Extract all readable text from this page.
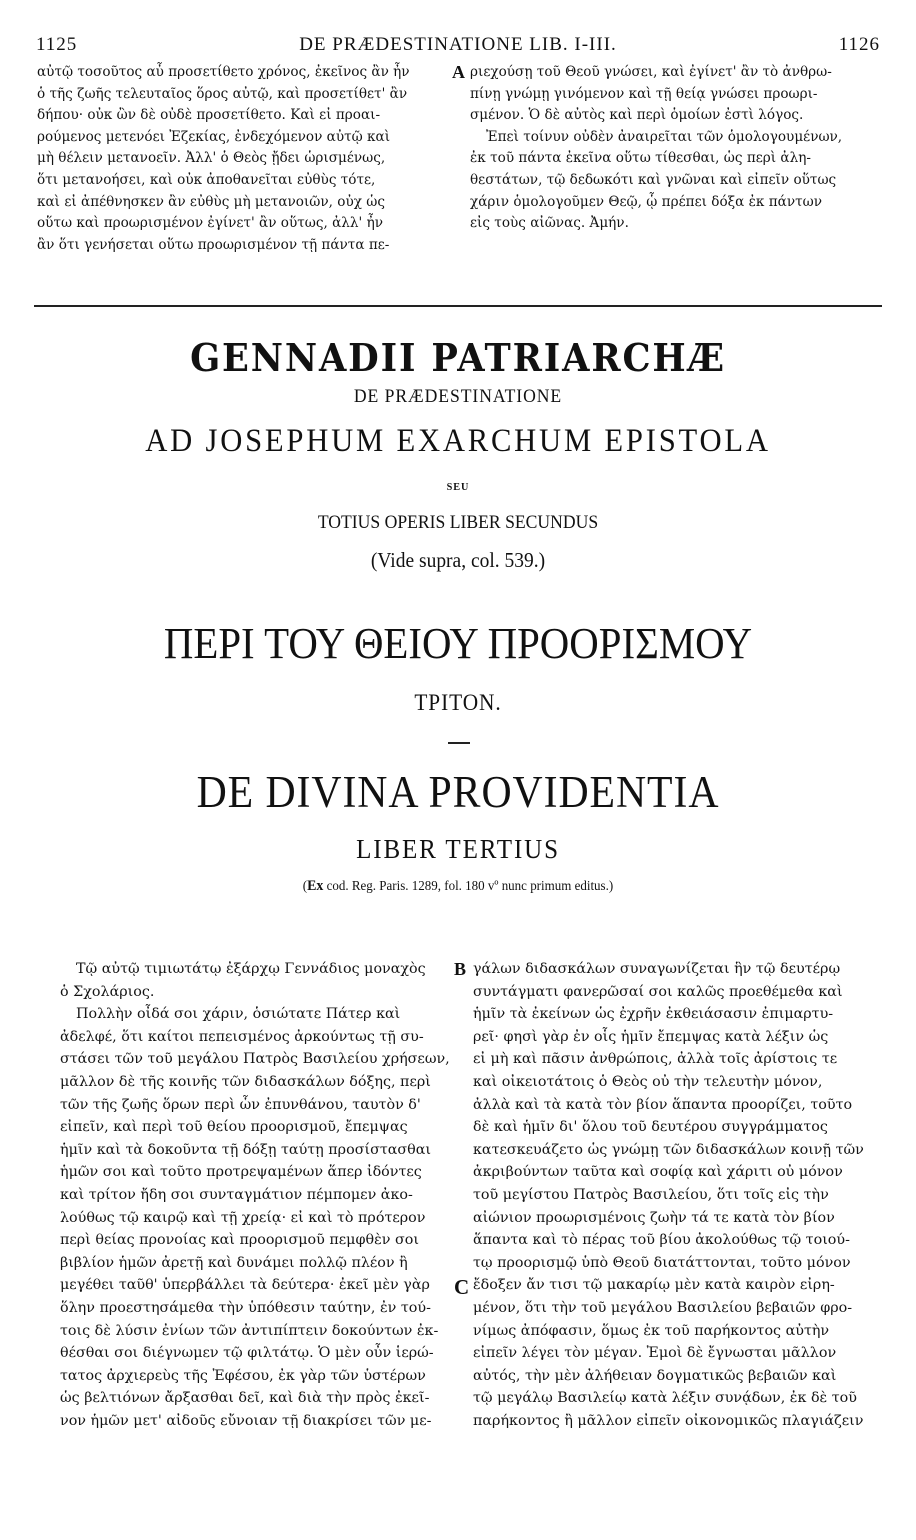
1125	DE PRÆDESTINATIONE LIB. I-III.	1126

αὐτῷ τοσοῦτος αὖ προσετίθετο χρόνος, ἐκεῖνος ἂν ἦν

ὁ τῆς ζωῆς τελευταῖος ὅρος αὐτῷ, καὶ προσετίθετ' ἂν

δήπου· οὐκ ὢν δὲ οὐδὲ προσετίθετο. Καὶ εἰ προαι-

ρούμενος μετενόει Ἐζεκίας, ἐνδεχόμενον αὐτῷ καὶ

μὴ θέλειν μετανοεῖν. Ἀλλ' ὁ Θεὸς ᾔδει ὡρισμένως,

ὅτι μετανοήσει, καὶ οὐκ ἀποθανεῖται εὐθὺς τότε,

καὶ εἰ ἀπέθνησκεν ἂν εὐθὺς μὴ μετανοιῶν, οὐχ ὡς

οὕτω καὶ προωρισμένον ἐγίνετ' ἂν οὕτως, ἀλλ' ἦν

ἂν ὅτι γενήσεται οὕτω προωρισμένον τῇ πάντα πε-

ριεχούσῃ τοῦ Θεοῦ γνώσει, καὶ ἐγίνετ' ἂν τὸ ἀνθρω-

πίνῃ γνώμῃ γινόμενον καὶ τῇ θείᾳ γνώσει προωρι-

σμένον. Ὁ δὲ αὐτὸς καὶ περὶ ὁμοίων ἐστὶ λόγος.

Ἐπεὶ τοίνυν οὐδὲν ἀναιρεῖται τῶν ὁμολογουμένων,

ἐκ τοῦ πάντα ἐκεῖνα οὕτω τίθεσθαι, ὡς περὶ ἀλη-

θεστάτων, τῷ δεδωκότι καὶ γνῶναι καὶ εἰπεῖν οὕτως

χάριν ὁμολογοῦμεν Θεῷ, ᾧ πρέπει δόξα ἐκ πάντων

εἰς τοὺς αἰῶνας. Ἀμήν.

A
GENNADII PATRIARCHÆ
DE PRÆDESTINATIONE
AD JOSEPHUM EXARCHUM EPISTOLA
SEU
TOTIUS OPERIS LIBER SECUNDUS
(Vide supra, col. 539.)
ΠΕΡΙ ΤΟΥ ΘΕΙΟΥ ΠΡΟΟΡΙΣΜΟΥ
ΤΡΙΤΟΝ.
DE DIVINA PROVIDENTIA
LIBER TERTIUS
(Ex cod. Reg. Paris. 1289, fol. 180 vº nunc primum editus.)

Τῷ αὐτῷ τιμιωτάτῳ ἐξάρχῳ Γεννάδιος μοναχὸς

ὁ Σχολάριος.

Πολλὴν οἶδά σοι χάριν, ὁσιώτατε Πάτερ καὶ

ἀδελφέ, ὅτι καίτοι πεπεισμένος ἀρκούντως τῇ συ-

στάσει τῶν τοῦ μεγάλου Πατρὸς Βασιλείου χρήσεων,

μᾶλλον δὲ τῆς κοινῆς τῶν διδασκάλων δόξης, περὶ

τῶν τῆς ζωῆς ὅρων περὶ ὧν ἐπυνθάνου, ταυτὸν δ'

εἰπεῖν, καὶ περὶ τοῦ θείου προορισμοῦ, ἔπεμψας

ἡμῖν καὶ τὰ δοκοῦντα τῇ δόξῃ ταύτῃ προσίστασθαι

ἡμῶν σοι καὶ τοῦτο προτρεψαμένων ἅπερ ἰδόντες

καὶ τρίτον ἤδη σοι συνταγμάτιον πέμπομεν ἀκο-

λούθως τῷ καιρῷ καὶ τῇ χρείᾳ· εἰ καὶ τὸ πρότερον

περὶ θείας προνοίας καὶ προορισμοῦ πεμφθὲν σοι

βιβλίον ἡμῶν ἀρετῇ καὶ δυνάμει πολλῷ πλέον ἢ

μεγέθει ταῦθ' ὑπερβάλλει τὰ δεύτερα· ἐκεῖ μὲν γὰρ

ὅλην προεστησάμεθα τὴν ὑπόθεσιν ταύτην, ἐν τού-

τοις δὲ λύσιν ἐνίων τῶν ἀντιπίπτειν δοκούντων ἐκ-

θέσθαι σοι διέγνωμεν τῷ φιλτάτῳ. Ὁ μὲν οὖν ἱερώ-

τατος ἀρχιερεὺς τῆς Ἐφέσου, ἐκ γὰρ τῶν ὑστέρων

ὡς βελτιόνων ἄρξασθαι δεῖ, καὶ διὰ τὴν πρὸς ἐκεῖ-

νον ἡμῶν μετ' αἰδοῦς εὔνοιαν τῇ διακρίσει τῶν με-

γάλων διδασκάλων συναγωνίζεται ἣν τῷ δευτέρῳ

συντάγματι φανερῶσαί σοι καλῶς προεθέμεθα καὶ

ἡμῖν τὰ ἐκείνων ὡς ἐχρῆν ἐκθειάσασιν ἐπιμαρτυ-

ρεῖ· φησὶ γὰρ ἐν οἷς ἡμῖν ἔπεμψας κατὰ λέξιν ὡς

εἰ μὴ καὶ πᾶσιν ἀνθρώποις, ἀλλὰ τοῖς ἀρίστοις τε

καὶ οἰκειοτάτοις ὁ Θεὸς οὐ τὴν τελευτὴν μόνον,

ἀλλὰ καὶ τὰ κατὰ τὸν βίον ἅπαντα προορίζει, τοῦτο

δὲ καὶ ἡμῖν δι' ὅλου τοῦ δευτέρου συγγράμματος

κατεσκευάζετο ὡς γνώμῃ τῶν διδασκάλων κοινῇ τῶν

ἀκριβούντων ταῦτα καὶ σοφίᾳ καὶ χάριτι οὐ μόνον

τοῦ μεγίστου Πατρὸς Βασιλείου, ὅτι τοῖς εἰς τὴν

αἰώνιον προωρισμένοις ζωὴν τά τε κατὰ τὸν βίον

ἅπαντα καὶ τὸ πέρας τοῦ βίου ἀκολούθως τῷ τοιού-

τῳ προορισμῷ ὑπὸ Θεοῦ διατάττονται, τοῦτο μόνον

ἔδοξεν ἄν τισι τῷ μακαρίῳ μὲν κατὰ καιρὸν εἰρη-

μένον, ὅτι τὴν τοῦ μεγάλου Βασιλείου βεβαιῶν φρο-

νίμως ἀπόφασιν, ὅμως ἐκ τοῦ παρήκοντος αὐτὴν

εἰπεῖν λέγει τὸν μέγαν. Ἐμοὶ δὲ ἔγνωσται μᾶλλον

αὐτός, τὴν μὲν ἀλήθειαν δογματικῶς βεβαιῶν καὶ

τῷ μεγάλῳ Βασιλείῳ κατὰ λέξιν συνᾴδων, ἐκ δὲ τοῦ

παρήκοντος ἢ μᾶλλον εἰπεῖν οἰκονομικῶς πλαγιάζειν

B
C
